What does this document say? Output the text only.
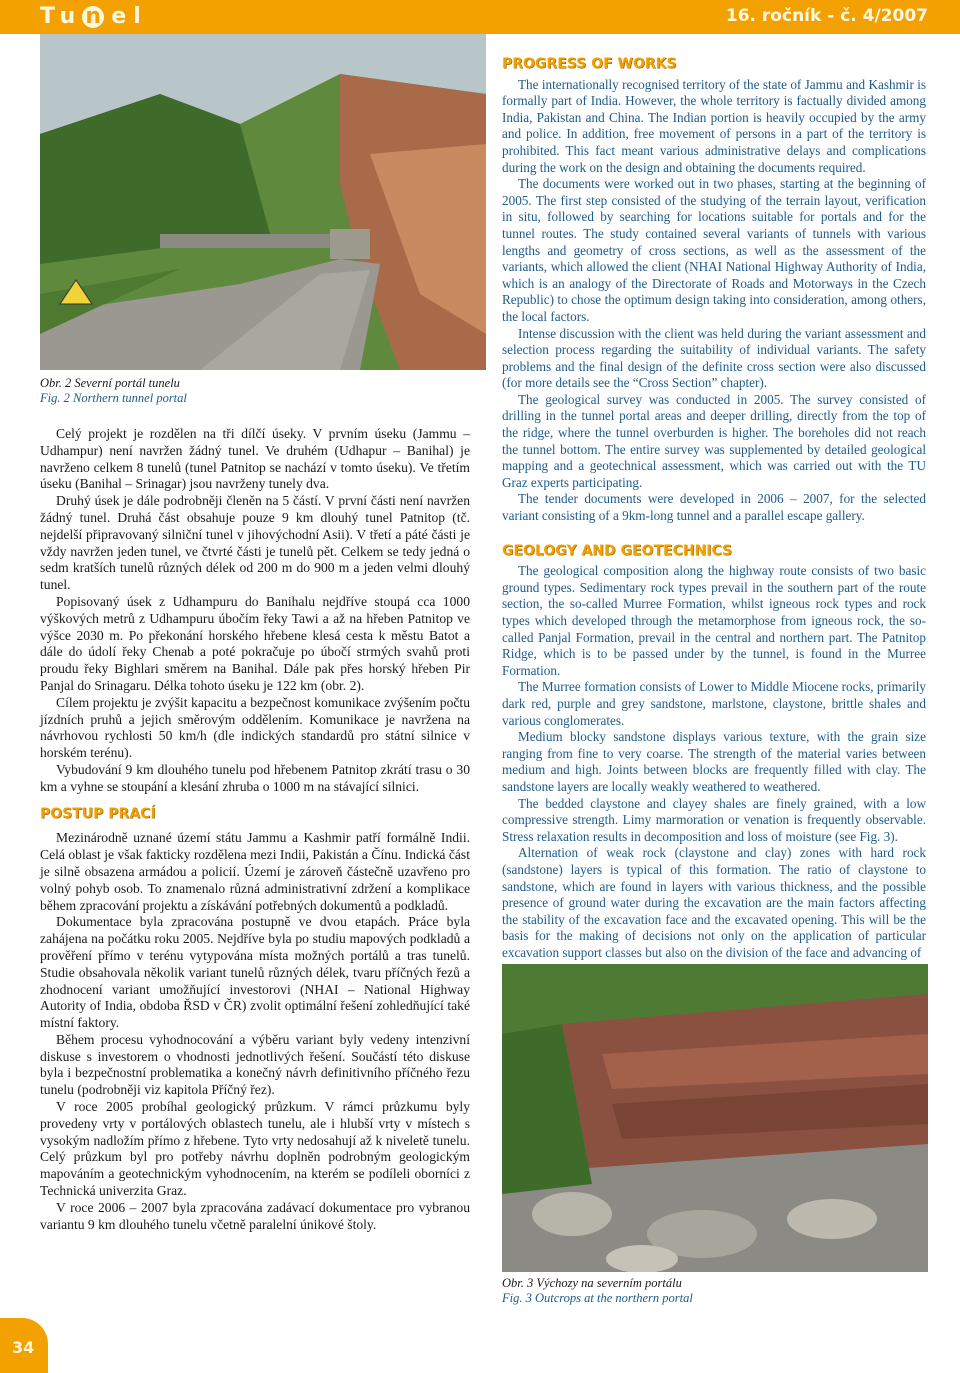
Tu n el	16. ročník - č. 4/2007
Obr. 2 Severní portál tunelu
Fig. 2 Northern tunnel portal

Celý projekt je rozdělen na tři dílčí úseky. V prvním úseku (Jammu – Udhampur) není navržen žádný tunel. Ve druhém (Udhapur – Banihal) je navrženo celkem 8 tunelů (tunel Patnitop se nachází v tomto úseku). Ve třetím úseku (Banihal – Srinagar) jsou navrženy tunely dva.

Druhý úsek je dále podrobněji členěn na 5 částí. V první části není navržen žádný tunel. Druhá část obsahuje pouze 9 km dlouhý tunel Patnitop (tč. nejdelší připravovaný silniční tunel v jihovýchodní Asii). V třetí a páté části je vždy navržen jeden tunel, ve čtvrté části je tunelů pět. Celkem se tedy jedná o sedm kratších tunelů různých délek od 200 m do 900 m a jeden velmi dlouhý tunel.

Popisovaný úsek z Udhampuru do Banihalu nejdříve stoupá cca 1000 výškových metrů z Udhampuru úbočím řeky Tawi a až na hřeben Patnitop ve výšce 2030 m. Po překonání horského hřebene klesá cesta k městu Batot a dále do údolí řeky Chenab a poté pokračuje po úbočí strmých svahů proti proudu řeky Bighlari směrem na Banihal. Dále pak přes horský hřeben Pir Panjal do Srinagaru. Délka tohoto úseku je 122 km (obr. 2).

Cílem projektu je zvýšit kapacitu a bezpečnost komunikace zvýšením počtu jízdních pruhů a jejich směrovým oddělením. Komunikace je navržena na návrhovou rychlosti 50 km/h (dle indických standardů pro státní silnice v horském terénu).

Vybudování 9 km dlouhého tunelu pod hřebenem Patnitop zkrátí trasu o 30 km a vyhne se stoupání a klesání zhruba o 1000 m na stávající silnici.

POSTUP PRACÍ

Mezinárodně uznané území státu Jammu a Kashmir patří formálně Indii. Celá oblast je však fakticky rozdělena mezi Indii, Pakistán a Čínu. Indická část je silně obsazena armádou a policií. Území je zároveň částečně uzavřeno pro volný pohyb osob. To znamenalo různá administrativní zdržení a komplikace během zpracování projektu a získávání potřebných dokumentů a podkladů.

Dokumentace byla zpracována postupně ve dvou etapách. Práce byla zahájena na počátku roku 2005. Nejdříve byla po studiu mapových podkladů a prověření přímo v terénu vytypována místa možných portálů a tras tunelů. Studie obsahovala několik variant tunelů různých délek, tvaru příčných řezů a zhodnocení variant umožňující investorovi (NHAI – National Highway Autority of India, obdoba ŘSD v ČR) zvolit optimální řešení zohledňující také místní faktory.

Během procesu vyhodnocování a výběru variant byly vedeny intenzivní diskuse s investorem o vhodnosti jednotlivých řešení. Součástí této diskuse byla i bezpečnostní problematika a konečný návrh definitivního příčného řezu tunelu (podrobněji viz kapitola Příčný řez).

V roce 2005 probíhal geologický průzkum. V rámci průzkumu byly provedeny vrty v portálových oblastech tunelu, ale i hlubší vrty v místech s vysokým nadložím přímo z hřebene. Tyto vrty nedosahují až k niveletě tunelu. Celý průzkum byl pro potřeby návrhu doplněn podrobným geologickým mapováním a geotechnickým vyhodnocením, na kterém se podíleli oborníci z Technická univerzita Graz.

V roce 2006 – 2007 byla zpracována zadávací dokumentace pro vybranou variantu 9 km dlouhého tunelu včetně paralelní únikové štoly.

PROGRESS OF WORKS

The internationally recognised territory of the state of Jammu and Kashmir is formally part of India. However, the whole territory is factually divided among India, Pakistan and China. The Indian portion is heavily occupied by the army and police. In addition, free movement of persons in a part of the territory is prohibited. This fact meant various administrative delays and complications during the work on the design and obtaining the documents required.

The documents were worked out in two phases, starting at the beginning of 2005. The first step consisted of the studying of the terrain layout, verification in situ, followed by searching for locations suitable for portals and for the tunnel routes. The study contained several variants of tunnels with various lengths and geometry of cross sections, as well as the assessment of the variants, which allowed the client (NHAI National Highway Authority of India, which is an analogy of the Directorate of Roads and Motorways in the Czech Republic) to chose the optimum design taking into consideration, among others, the local factors.

Intense discussion with the client was held during the variant assessment and selection process regarding the suitability of individual variants. The safety problems and the final design of the definite cross section were also discussed (for more details see the “Cross Section” chapter).

The geological survey was conducted in 2005. The survey consisted of drilling in the tunnel portal areas and deeper drilling, directly from the top of the ridge, where the tunnel overburden is higher. The boreholes did not reach the tunnel bottom. The entire survey was supplemented by detailed geological mapping and a geotechnical assessment, which was carried out with the TU Graz experts participating.

The tender documents were developed in 2006 – 2007, for the selected variant consisting of a 9km-long tunnel and a parallel escape gallery.

GEOLOGY AND GEOTECHNICS

The geological composition along the highway route consists of two basic ground types. Sedimentary rock types prevail in the southern part of the route section, the so-called Murree Formation, whilst igneous rock types and rock types which developed through the metamorphose from igneous rock, the so-called Panjal Formation, prevail in the central and northern part. The Patnitop Ridge, which is to be passed under by the tunnel, is found in the Murree Formation.

The Murree formation consists of Lower to Middle Miocene rocks, primarily dark red, purple and grey sandstone, marlstone, claystone, brittle shales and various conglomerates.

Medium blocky sandstone displays various texture, with the grain size ranging from fine to very coarse. The strength of the material varies between medium and high. Joints between blocks are frequently filled with clay. The sandstone layers are locally weakly weathered to weathered.

The bedded claystone and clayey shales are finely grained, with a low compressive strength. Limy marmoration or venation is frequently observable. Stress relaxation results in decomposition and loss of moisture (see Fig. 3).

Alternation of weak rock (claystone and clay) zones with hard rock (sandstone) layers is typical of this formation. The ratio of claystone to sandstone, which are found in layers with various thickness, and the possible presence of ground water during the excavation are the main factors affecting the stability of the excavation face and the excavated opening. This will be the basis for the making of decisions not only on the application of particular excavation support classes but also on the division of the face and advancing of

Obr. 3 Výchozy na severním portálu
Fig. 3 Outcrops at the northern portal
34
